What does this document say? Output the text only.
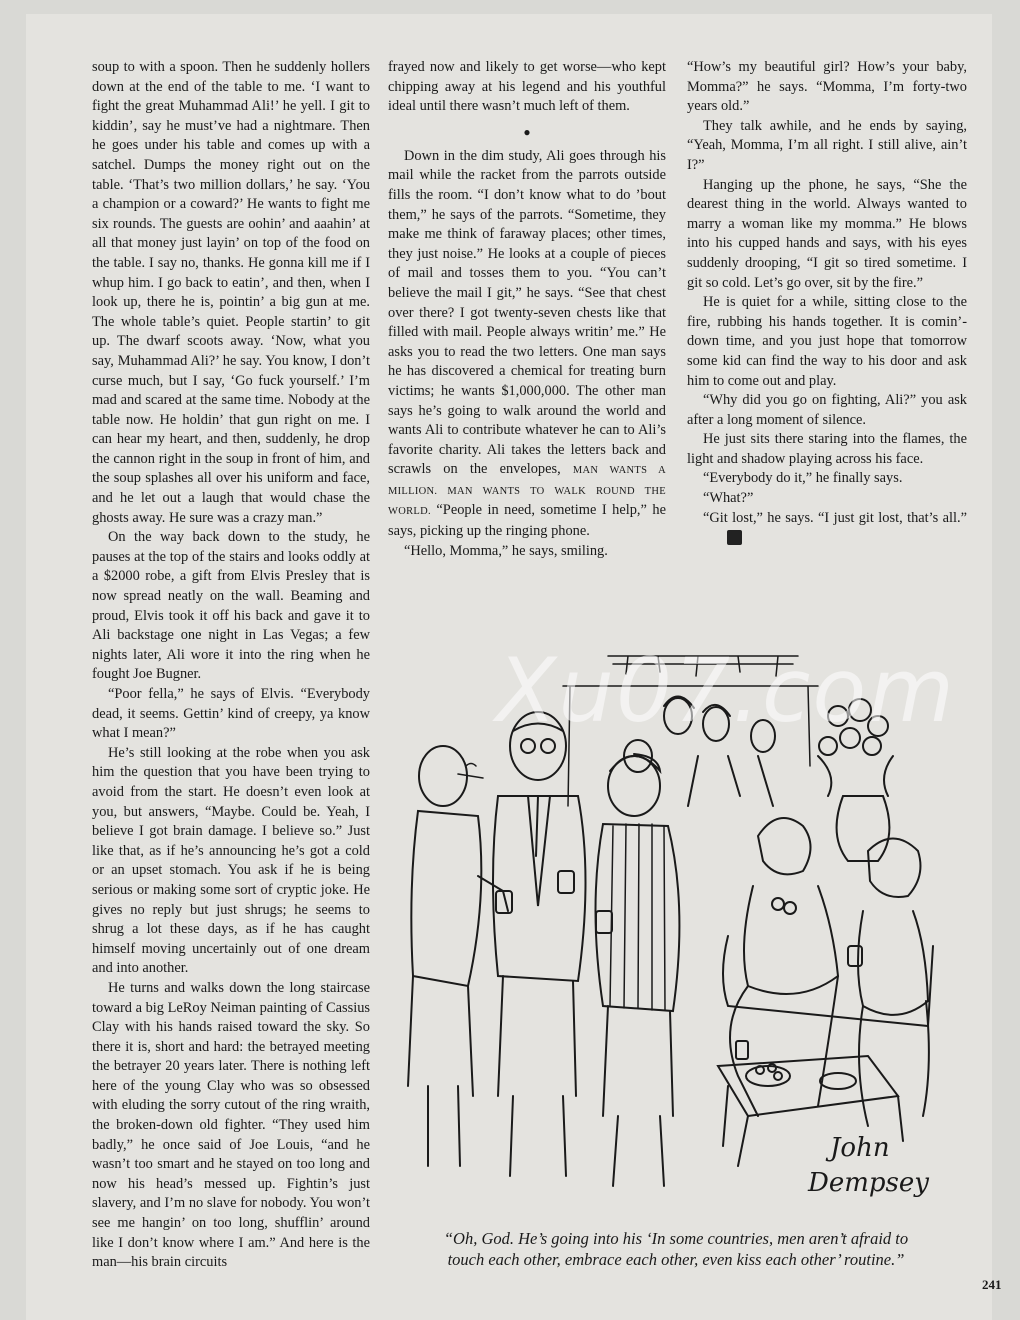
soup to with a spoon. Then he suddenly hollers down at the end of the table to me. ‘I want to fight the great Muhammad Ali!’ he yell. I git to kiddin’, say he must’ve had a nightmare. Then he goes under his table and comes up with a satchel. Dumps the money right out on the table. ‘That’s two million dollars,’ he say. ‘You a champion or a coward?’ He wants to fight me six rounds. The guests are oohin’ and aaahin’ at all that money just layin’ on top of the food on the table. I say no, thanks. He gonna kill me if I whup him. I go back to eatin’, and then, when I look up, there he is, pointin’ a big gun at me. The whole table’s quiet. People startin’ to git up. The dwarf scoots away. ‘Now, what you say, Muhammad Ali?’ he say. You know, I don’t curse much, but I say, ‘Go fuck yourself.’ I’m mad and scared at the same time. Nobody at the table now. He holdin’ that gun right on me. I can hear my heart, and then, suddenly, he drop the cannon right in the soup in front of him, and the soup splashes all over his uniform and face, and he let out a laugh that would chase the ghosts away. He sure was a crazy man.”

On the way back down to the study, he pauses at the top of the stairs and looks oddly at a $2000 robe, a gift from Elvis Presley that is now spread neatly on the wall. Beaming and proud, Elvis took it off his back and gave it to Ali backstage one night in Las Vegas; a few nights later, Ali wore it into the ring when he fought Joe Bugner.

“Poor fella,” he says of Elvis. “Everybody dead, it seems. Gettin’ kind of creepy, ya know what I mean?”

He’s still looking at the robe when you ask him the question that you have been trying to avoid from the start. He doesn’t even look at you, but answers, “Maybe. Could be. Yeah, I believe I got brain damage. I believe so.” Just like that, as if he’s announcing he’s got a cold or an upset stomach. You ask if he is being serious or making some sort of cryptic joke. He gives no reply but just shrugs; he seems to shrug a lot these days, as if he has caught himself moving uncertainly out of one dream and into another.

He turns and walks down the long staircase toward a big LeRoy Neiman painting of Cassius Clay with his hands raised toward the sky. So there it is, short and hard: the betrayed meeting the betrayer 20 years later. There is nothing left here of the young Clay who was so obsessed with eluding the sorry cutout of the ring wraith, the broken-down old fighter. “They used him badly,” he once said of Joe Louis, “and he wasn’t too smart and he stayed on too long and now his head’s messed up. Fightin’s just slavery, and I’m no slave for nobody. You won’t see me hangin’ on too long, shufflin’ around like I don’t know where I am.” And here is the man—his brain circuits

frayed now and likely to get worse—who kept chipping away at his legend and his youthful ideal until there wasn’t much left of them.

●

Down in the dim study, Ali goes through his mail while the racket from the parrots outside fills the room. “I don’t know what to do ’bout them,” he says of the parrots. “Sometime, they make me think of faraway places; other times, they just noise.” He looks at a couple of pieces of mail and tosses them to you. “You can’t believe the mail I git,” he says. “See that chest over there? I got twenty-seven chests like that filled with mail. People always writin’ me.” He asks you to read the two letters. One man says he has discovered a chemical for treating burn victims; he wants $1,000,000. The other man says he’s going to walk around the world and wants Ali to contribute whatever he can to Ali’s favorite charity. Ali takes the letters back and scrawls on the envelopes, MAN WANTS A MILLION. MAN WANTS TO WALK ROUND THE WORLD. “People in need, sometime I help,” he says, picking up the ringing phone.

“Hello, Momma,” he says, smiling.

“How’s my beautiful girl? How’s your baby, Momma?” he says. “Momma, I’m forty-two years old.”

They talk awhile, and he ends by saying, “Yeah, Momma, I’m all right. I still alive, ain’t I?”

Hanging up the phone, he says, “She the dearest thing in the world. Always wanted to marry a woman like my momma.” He blows into his cupped hands and says, with his eyes suddenly drooping, “I git so tired sometime. I git so cold. Let’s go over, sit by the fire.”

He is quiet for a while, sitting close to the fire, rubbing his hands together. It is comin’-down time, and you just hope that tomorrow some kid can find the way to his door and ask him to come out and play.

“Why did you go on fighting, Ali?” you ask after a long moment of silence.

He just sits there staring into the flames, the light and shadow playing across his face.

“Everybody do it,” he finally says.

“What?”

“Git lost,” he says. “I just git lost, that’s all.”♞

John
Dempsey
“Oh, God. He’s going into his ‘In some countries, men aren’t afraid to touch each other, embrace each other, even kiss each other’ routine.”
241
Xu07.com
